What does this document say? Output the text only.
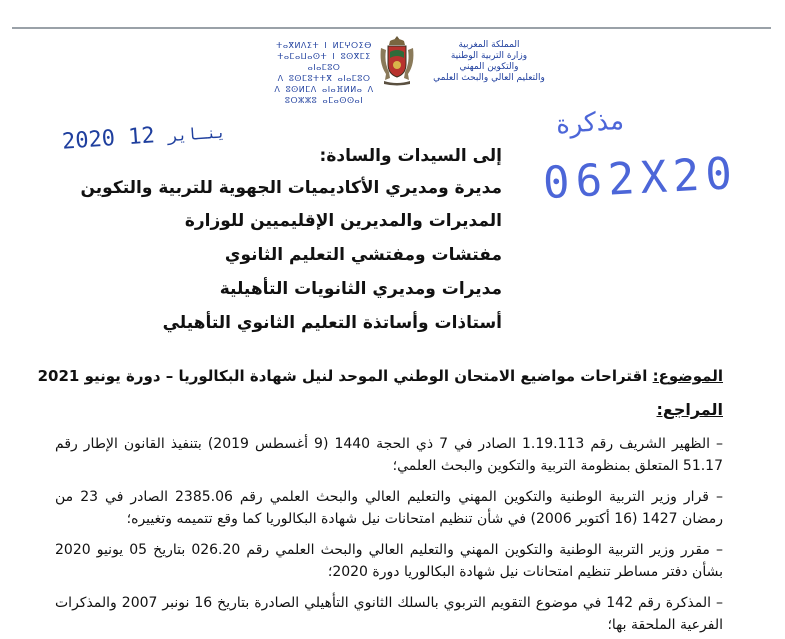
ⵜⴰⴳⵍⴷⵉⵜ ⵏ ⵍⵎⵖⵔⵉⴱ
ⵜⴰⵎⴰⵡⴰⵙⵜ ⵏ ⵓⵙⴳⵎⵉ ⴰⵏⴰⵎⵓⵔ
ⴷ ⵓⵙⵎⵓⵜⵜⴳ ⴰⵏⴰⵎⵓⵔ
ⴷ ⵓⵙⵍⵎⴷ ⴰⵏⴰⴼⵍⵍⴰ ⴷ ⵓⵔⵣⵣⵓ ⴰⵎⴰⵙⵙⴰⵏ
المملكة المغربية
وزارة التربية الوطنية
والتكوين المهني
والتعليم العالي والبحث العلمي
2020	ينـاير 12	مذكرة
062X20
إلى السيدات والسادة:
مديرة ومديري الأكاديميات الجهوية للتربية والتكوين
المديرات والمديرين الإقليميين للوزارة
مفتشات ومفتشي التعليم الثانوي
مديرات ومديري الثانويات التأهيلية
أستاذات وأساتذة التعليم الثانوي التأهيلي
الموضوع: اقتراحات مواضيع الامتحان الوطني الموحد لنيل شهادة البكالوريا – دورة يونيو 2021
المراجع:
– الظهير الشريف رقم 1.19.113 الصادر في 7 ذي الحجة 1440 (9 أغسطس 2019) بتنفيذ القانون الإطار رقم 51.17 المتعلق بمنظومة التربية والتكوين والبحث العلمي؛
– قرار وزير التربية الوطنية والتكوين المهني والتعليم العالي والبحث العلمي رقم 2385.06 الصادر في 23 من رمضان 1427 (16 أكتوبر 2006) في شأن تنظيم امتحانات نيل شهادة البكالوريا كما وقع تتميمه وتغييره؛
– مقرر وزير التربية الوطنية والتكوين المهني والتعليم العالي والبحث العلمي رقم 026.20 بتاريخ 05 يونيو 2020 بشأن دفتر مساطر تنظيم امتحانات نيل شهادة البكالوريا دورة 2020؛
– المذكرة رقم 142 في موضوع التقويم التربوي بالسلك الثانوي التأهيلي الصادرة بتاريخ 16 نونبر 2007 والمذكرات الفرعية الملحقة بها؛
